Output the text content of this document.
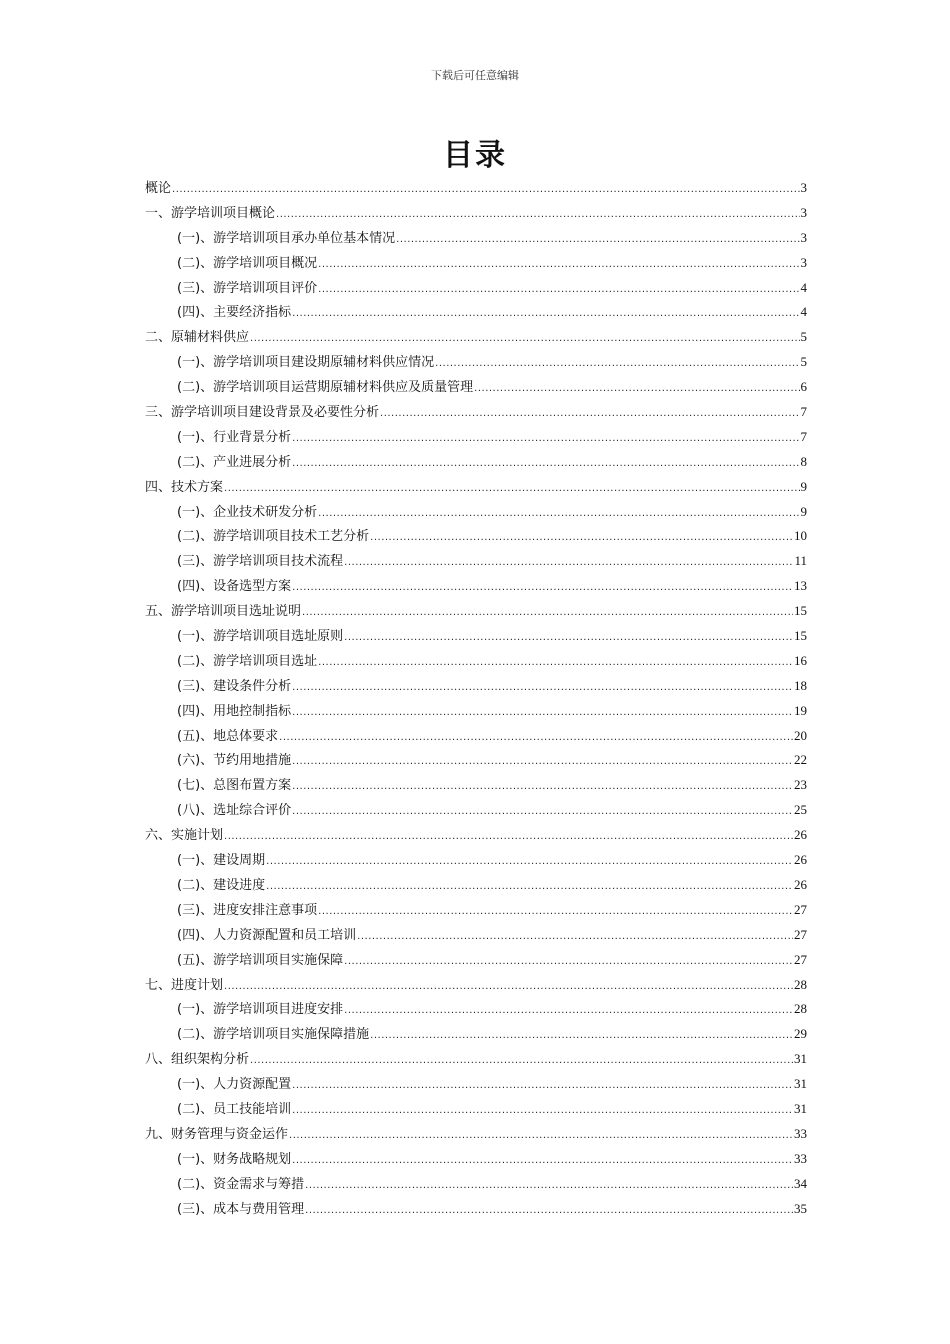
下载后可任意编辑
目录
概论 .....	3
一、游学培训项目概论 .....	3
(一)、游学培训项目承办单位基本情况 .....	3
(二)、游学培训项目概况 .....	3
(三)、游学培训项目评价 .....	4
(四)、主要经济指标 .....	4
二、原辅材料供应 .....	5
(一)、游学培训项目建设期原辅材料供应情况 .....	5
(二)、游学培训项目运营期原辅材料供应及质量管理 .....	6
三、游学培训项目建设背景及必要性分析 .....	7
(一)、行业背景分析 .....	7
(二)、产业进展分析 .....	8
四、技术方案 .....	9
(一)、企业技术研发分析 .....	9
(二)、游学培训项目技术工艺分析 .....	10
(三)、游学培训项目技术流程 .....	11
(四)、设备选型方案 .....	13
五、游学培训项目选址说明 .....	15
(一)、游学培训项目选址原则 .....	15
(二)、游学培训项目选址 .....	16
(三)、建设条件分析 .....	18
(四)、用地控制指标 .....	19
(五)、地总体要求 .....	20
(六)、节约用地措施 .....	22
(七)、总图布置方案 .....	23
(八)、选址综合评价 .....	25
六、实施计划 .....	26
(一)、建设周期 .....	26
(二)、建设进度 .....	26
(三)、进度安排注意事项 .....	27
(四)、人力资源配置和员工培训 .....	27
(五)、游学培训项目实施保障 .....	27
七、进度计划 .....	28
(一)、游学培训项目进度安排 .....	28
(二)、游学培训项目实施保障措施 .....	29
八、组织架构分析 .....	31
(一)、人力资源配置 .....	31
(二)、员工技能培训 .....	31
九、财务管理与资金运作 .....	33
(一)、财务战略规划 .....	33
(二)、资金需求与筹措 .....	34
(三)、成本与费用管理 .....	35
